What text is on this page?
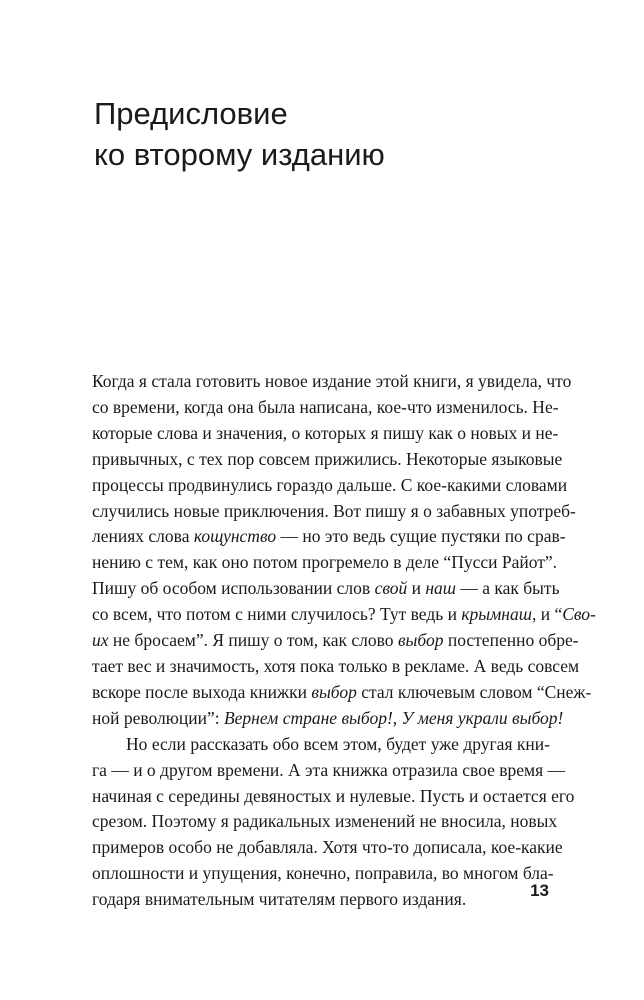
Предисловие
ко второму изданию
Когда я стала готовить новое издание этой книги, я увидела, что
со времени, когда она была написана, кое-что изменилось. Не-
которые слова и значения, о которых я пишу как о новых и не-
привычных, с тех пор совсем прижились. Некоторые языковые
процессы продвинулись гораздо дальше. С кое-какими словами
случились новые приключения. Вот пишу я о забавных употреб-
лениях слова кощунство — но это ведь сущие пустяки по срав-
нению с тем, как оно потом прогремело в деле “Пусси Райот”.
Пишу об особом использовании слов свой и наш — а как быть
со всем, что потом с ними случилось? Тут ведь и крымнаш, и “Сво-
их не бросаем”. Я пишу о том, как слово выбор постепенно обре-
тает вес и значимость, хотя пока только в рекламе. А ведь совсем
вскоре после выхода книжки выбор стал ключевым словом “Снеж-
ной революции”: Вернем стране выбор!, У меня украли выбор!
Но если рассказать обо всем этом, будет уже другая кни-
га — и о другом времени. А эта книжка отразила свое время —
начиная с середины девяностых и нулевые. Пусть и остается его
срезом. Поэтому я радикальных изменений не вносила, новых
примеров особо не добавляла. Хотя что-то дописала, кое-какие
оплошности и упущения, конечно, поправила, во многом бла-
годаря внимательным читателям первого издания.	13
